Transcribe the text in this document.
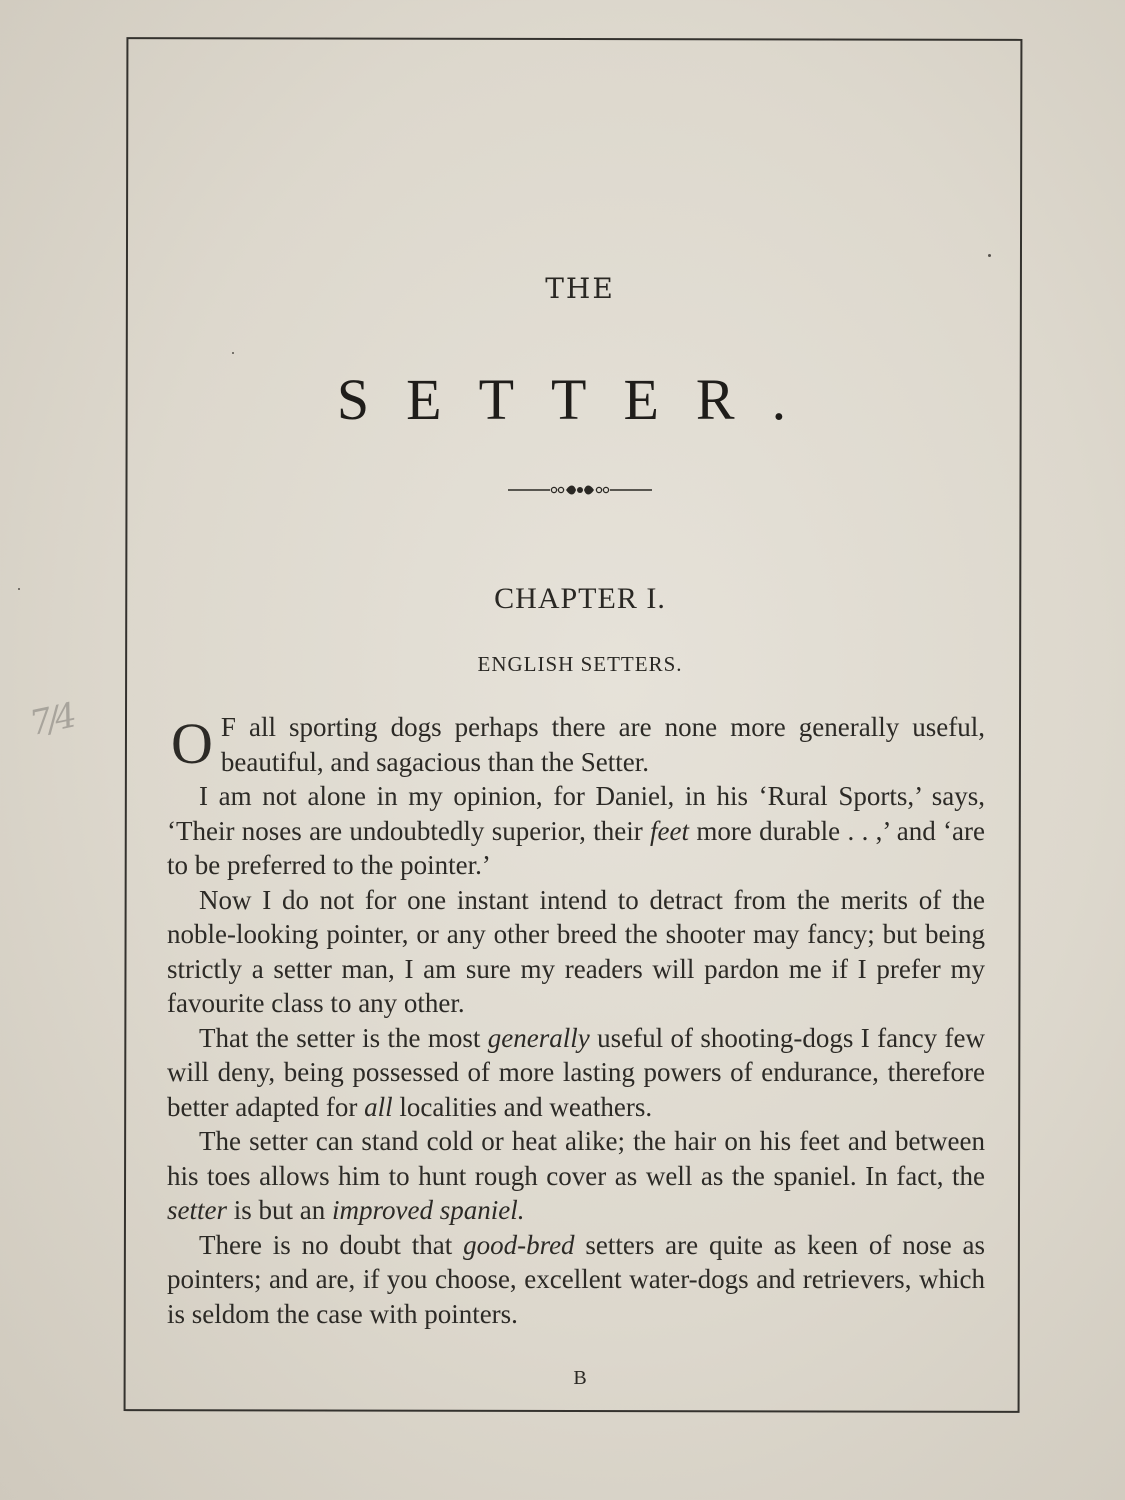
7/4
THE
SETTER.
CHAPTER I.
ENGLISH SETTERS.

O F all sporting dogs perhaps there are none more generally useful, beautiful, and sagacious than the Setter.

I am not alone in my opinion, for Daniel, in his ‘Rural Sports,’ says, ‘Their noses are undoubtedly superior, their feet more durable . . ,’ and ‘are to be preferred to the pointer.’

Now I do not for one instant intend to detract from the merits of the noble-looking pointer, or any other breed the shooter may fancy; but being strictly a setter man, I am sure my readers will pardon me if I prefer my favourite class to any other.

That the setter is the most generally useful of shooting-dogs I fancy few will deny, being possessed of more lasting powers of endurance, therefore better adapted for all localities and weathers.

The setter can stand cold or heat alike; the hair on his feet and between his toes allows him to hunt rough cover as well as the spaniel. In fact, the setter is but an improved spaniel.

There is no doubt that good-bred setters are quite as keen of nose as pointers; and are, if you choose, excellent water-dogs and retrievers, which is seldom the case with pointers.

B
